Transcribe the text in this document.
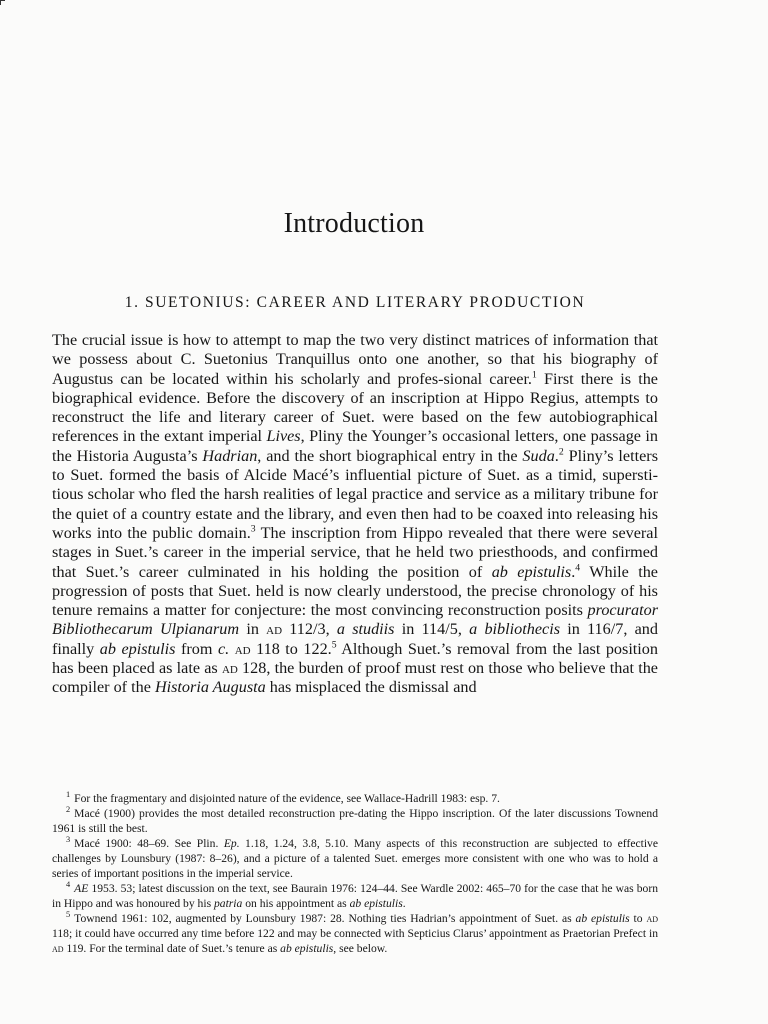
Introduction
1. SUETONIUS: CAREER AND LITERARY PRODUCTION

The crucial issue is how to attempt to map the two very distinct matrices of information that we possess about C. Suetonius Tranquillus onto one another, so that his biography of Augustus can be located within his scholarly and profes-sional career.$^1$ First there is the biographical evidence. Before the discovery of an inscription at Hippo Regius, attempts to reconstruct the life and literary career of Suet. were based on the few autobiographical references in the extant imperial Lives, Pliny the Younger’s occasional letters, one passage in the Historia Augusta’s Hadrian, and the short biographical entry in the Suda.$^2$ Pliny’s letters to Suet. formed the basis of Alcide Macé’s influential picture of Suet. as a timid, supersti-tious scholar who fled the harsh realities of legal practice and service as a military tribune for the quiet of a country estate and the library, and even then had to be coaxed into releasing his works into the public domain.$^3$ The inscription from Hippo revealed that there were several stages in Suet.’s career in the imperial service, that he held two priesthoods, and confirmed that Suet.’s career culminated in his holding the position of ab epistulis.$^4$ While the progression of posts that Suet. held is now clearly understood, the precise chronology of his tenure remains a matter for conjecture: the most convincing reconstruction posits procurator Bibliothecarum Ulpianarum in ad 112/3, a studiis in 114/5, a bibliothecis in 116/7, and finally ab epistulis from c. ad 118 to 122.$^5$ Although Suet.’s removal from the last position has been placed as late as ad 128, the burden of proof must rest on those who believe that the compiler of the Historia Augusta has misplaced the dismissal and

$^1$ For the fragmentary and disjointed nature of the evidence, see Wallace-Hadrill 1983: esp. 7.

$^2$ Macé (1900) provides the most detailed reconstruction pre-dating the Hippo inscription. Of the later discussions Townend 1961 is still the best.

$^3$ Macé 1900: 48–69. See Plin. Ep. 1.18, 1.24, 3.8, 5.10. Many aspects of this reconstruction are subjected to effective challenges by Lounsbury (1987: 8–26), and a picture of a talented Suet. emerges more consistent with one who was to hold a series of important positions in the imperial service.

$^4$ AE 1953. 53; latest discussion on the text, see Baurain 1976: 124–44. See Wardle 2002: 465–70 for the case that he was born in Hippo and was honoured by his patria on his appointment as ab epistulis.

$^5$ Townend 1961: 102, augmented by Lounsbury 1987: 28. Nothing ties Hadrian’s appointment of Suet. as ab epistulis to ad 118; it could have occurred any time before 122 and may be connected with Septicius Clarus’ appointment as Praetorian Prefect in ad 119. For the terminal date of Suet.’s tenure as ab epistulis, see below.
